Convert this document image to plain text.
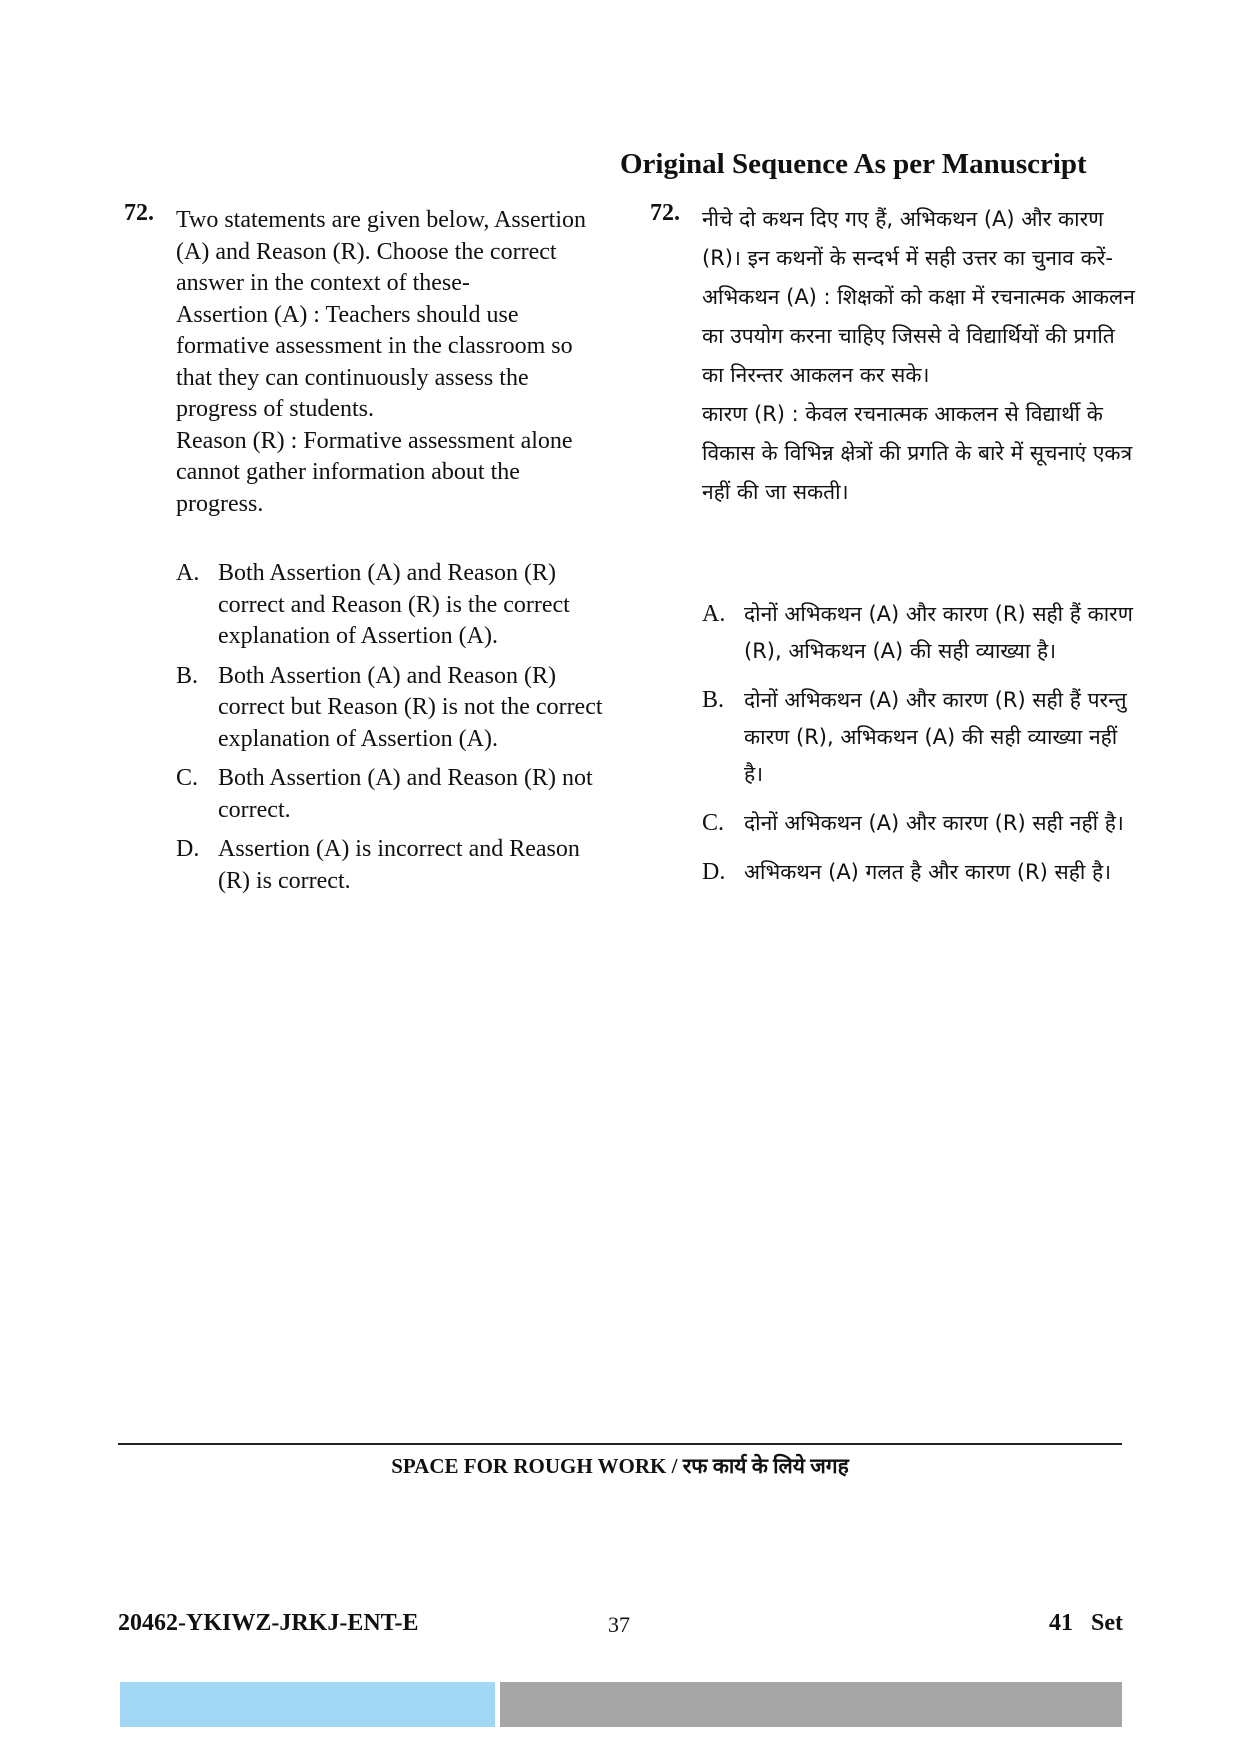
Original Sequence As per Manuscript
72. Two statements are given below, Assertion (A) and Reason (R). Choose the correct answer in the context of these-

Assertion (A) : Teachers should use formative assessment in the classroom so that they can continuously assess the progress of students.

Reason (R) : Formative assessment alone cannot gather information about the progress.

A. Both Assertion (A) and Reason (R) correct and Reason (R) is the correct explanation of Assertion (A).
B. Both Assertion (A) and Reason (R) correct but Reason (R) is not the correct explanation of Assertion (A).
C. Both Assertion (A) and Reason (R) not correct.
D. Assertion (A) is incorrect and Reason (R) is correct.
72. नीचे दो कथन दिए गए हैं, अभिकथन (A) और कारण (R)। इन कथनों के सन्दर्भ में सही उत्तर का चुनाव करें-

अभिकथन (A) : शिक्षकों को कक्षा में रचनात्मक आकलन का उपयोग करना चाहिए जिससे वे विद्यार्थियों की प्रगति का निरन्तर आकलन कर सके।

कारण (R) : केवल रचनात्मक आकलन से विद्यार्थी के विकास के विभिन्न क्षेत्रों की प्रगति के बारे में सूचनाएं एकत्र नहीं की जा सकती।

A. दोनों अभिकथन (A) और कारण (R) सही हैं कारण (R), अभिकथन (A) की सही व्याख्या है।
B. दोनों अभिकथन (A) और कारण (R) सही हैं परन्तु कारण (R), अभिकथन (A) की सही व्याख्या नहीं है।
C. दोनों अभिकथन (A) और कारण (R) सही नहीं है।
D. अभिकथन (A) गलत है और कारण (R) सही है।
SPACE FOR ROUGH WORK / रफ कार्य के लिये जगह
20462-YKIWZ-JRKJ-ENT-E	37	41   Set
